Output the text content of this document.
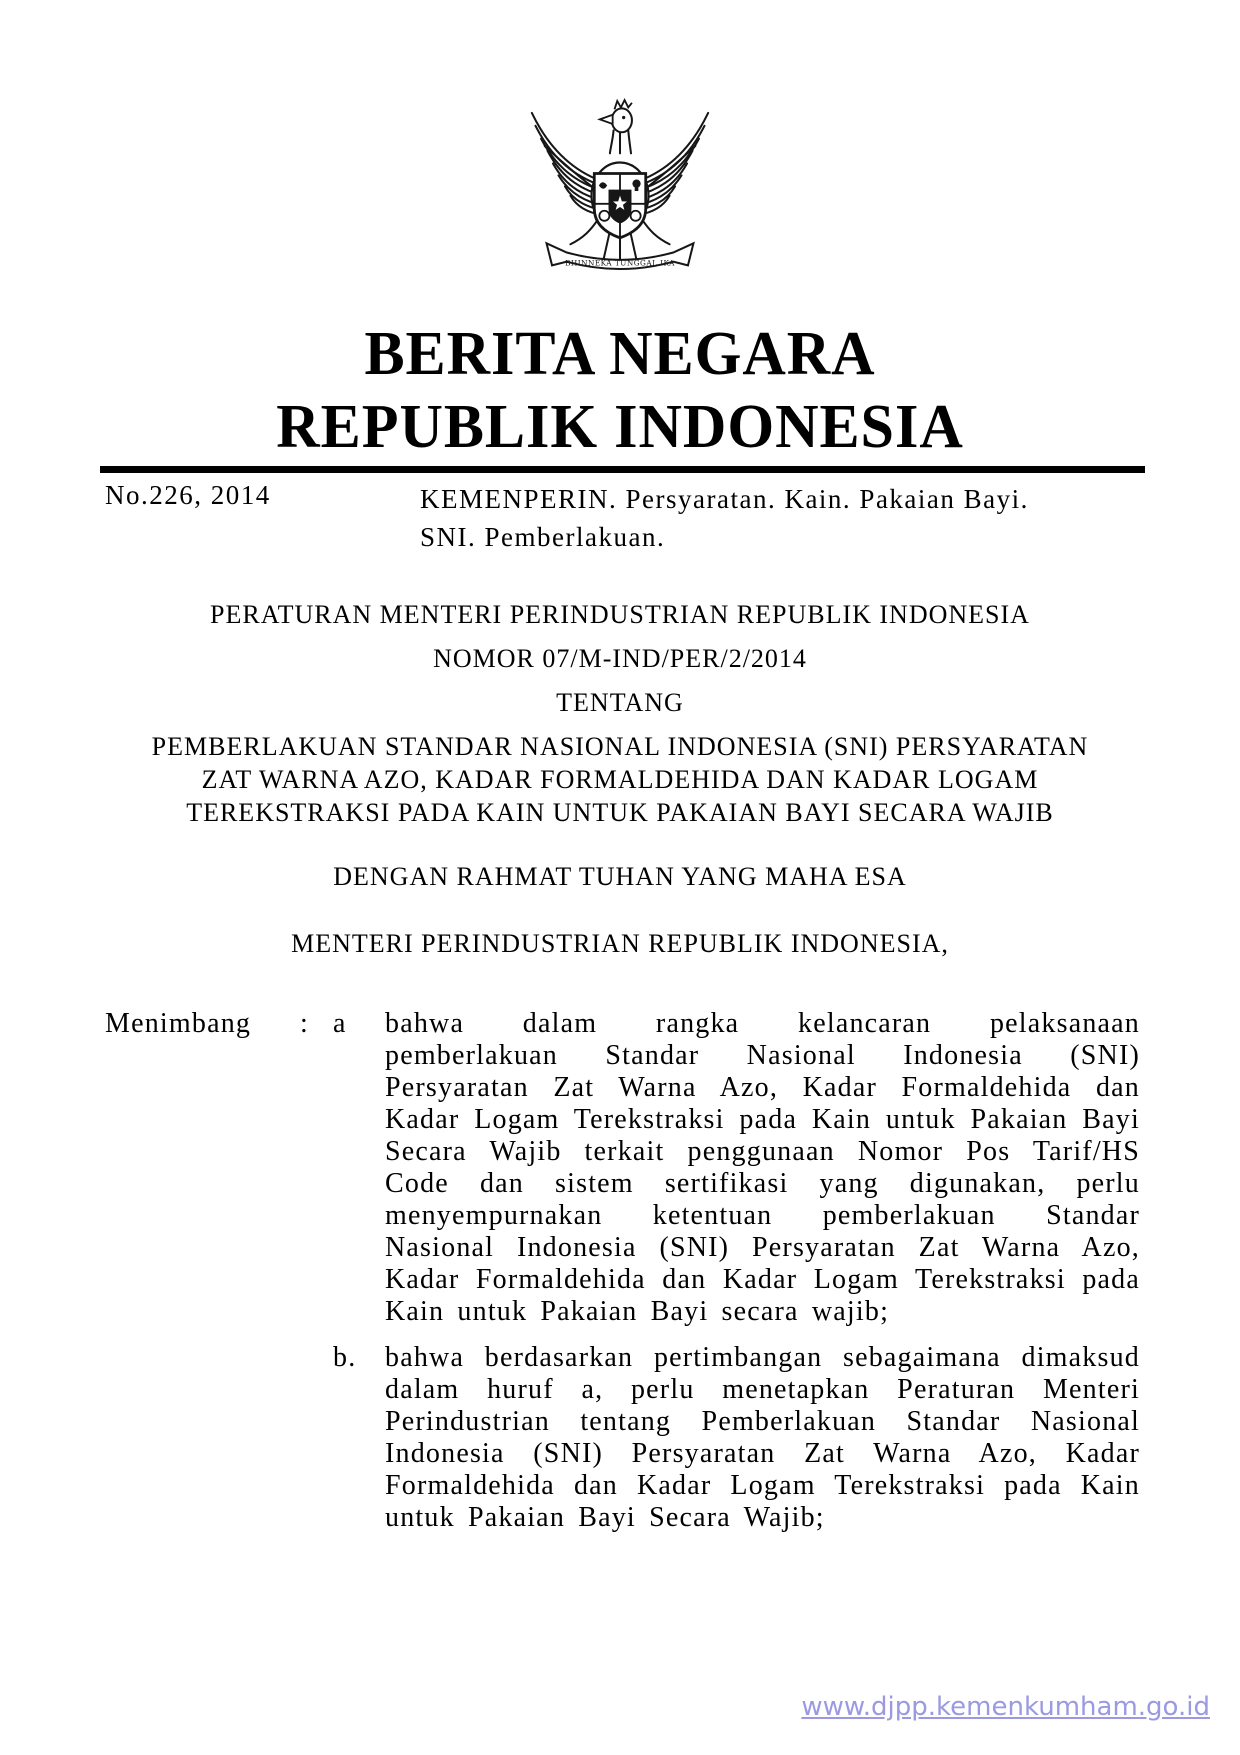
BHINNEKA TUNGGAL IKA
BERITA NEGARA
REPUBLIK INDONESIA
No.226, 2014	KEMENPERIN. Persyaratan. Kain. Pakaian Bayi.
SNI. Pemberlakuan.
PERATURAN MENTERI PERINDUSTRIAN REPUBLIK INDONESIA
NOMOR 07/M-IND/PER/2/2014
TENTANG
PEMBERLAKUAN STANDAR NASIONAL INDONESIA (SNI) PERSYARATAN
ZAT WARNA AZO, KADAR FORMALDEHIDA DAN KADAR LOGAM
TEREKSTRAKSI PADA KAIN UNTUK PAKAIAN BAYI SECARA WAJIB
DENGAN RAHMAT TUHAN YANG MAHA ESA
MENTERI PERINDUSTRIAN REPUBLIK INDONESIA,
Menimbang	: a	bahwa dalam rangka kelancaran pelaksanaan pemberlakuan Standar Nasional Indonesia (SNI) Persyaratan Zat Warna Azo, Kadar Formaldehida dan Kadar Logam Terekstraksi pada Kain untuk Pakaian Bayi Secara Wajib terkait penggunaan Nomor Pos Tarif/HS Code dan sistem sertifikasi yang digunakan, perlu menyempurnakan ketentuan pemberlakuan Standar Nasional Indonesia (SNI) Persyaratan Zat Warna Azo, Kadar Formaldehida dan Kadar Logam Terekstraksi pada Kain untuk Pakaian Bayi secara wajib;
b.	bahwa berdasarkan pertimbangan sebagaimana dimaksud dalam huruf a, perlu menetapkan Peraturan Menteri Perindustrian tentang Pemberlakuan Standar Nasional Indonesia (SNI) Persyaratan Zat Warna Azo, Kadar Formaldehida dan Kadar Logam Terekstraksi pada Kain untuk Pakaian Bayi Secara Wajib;
www.djpp.kemenkumham.go.id
